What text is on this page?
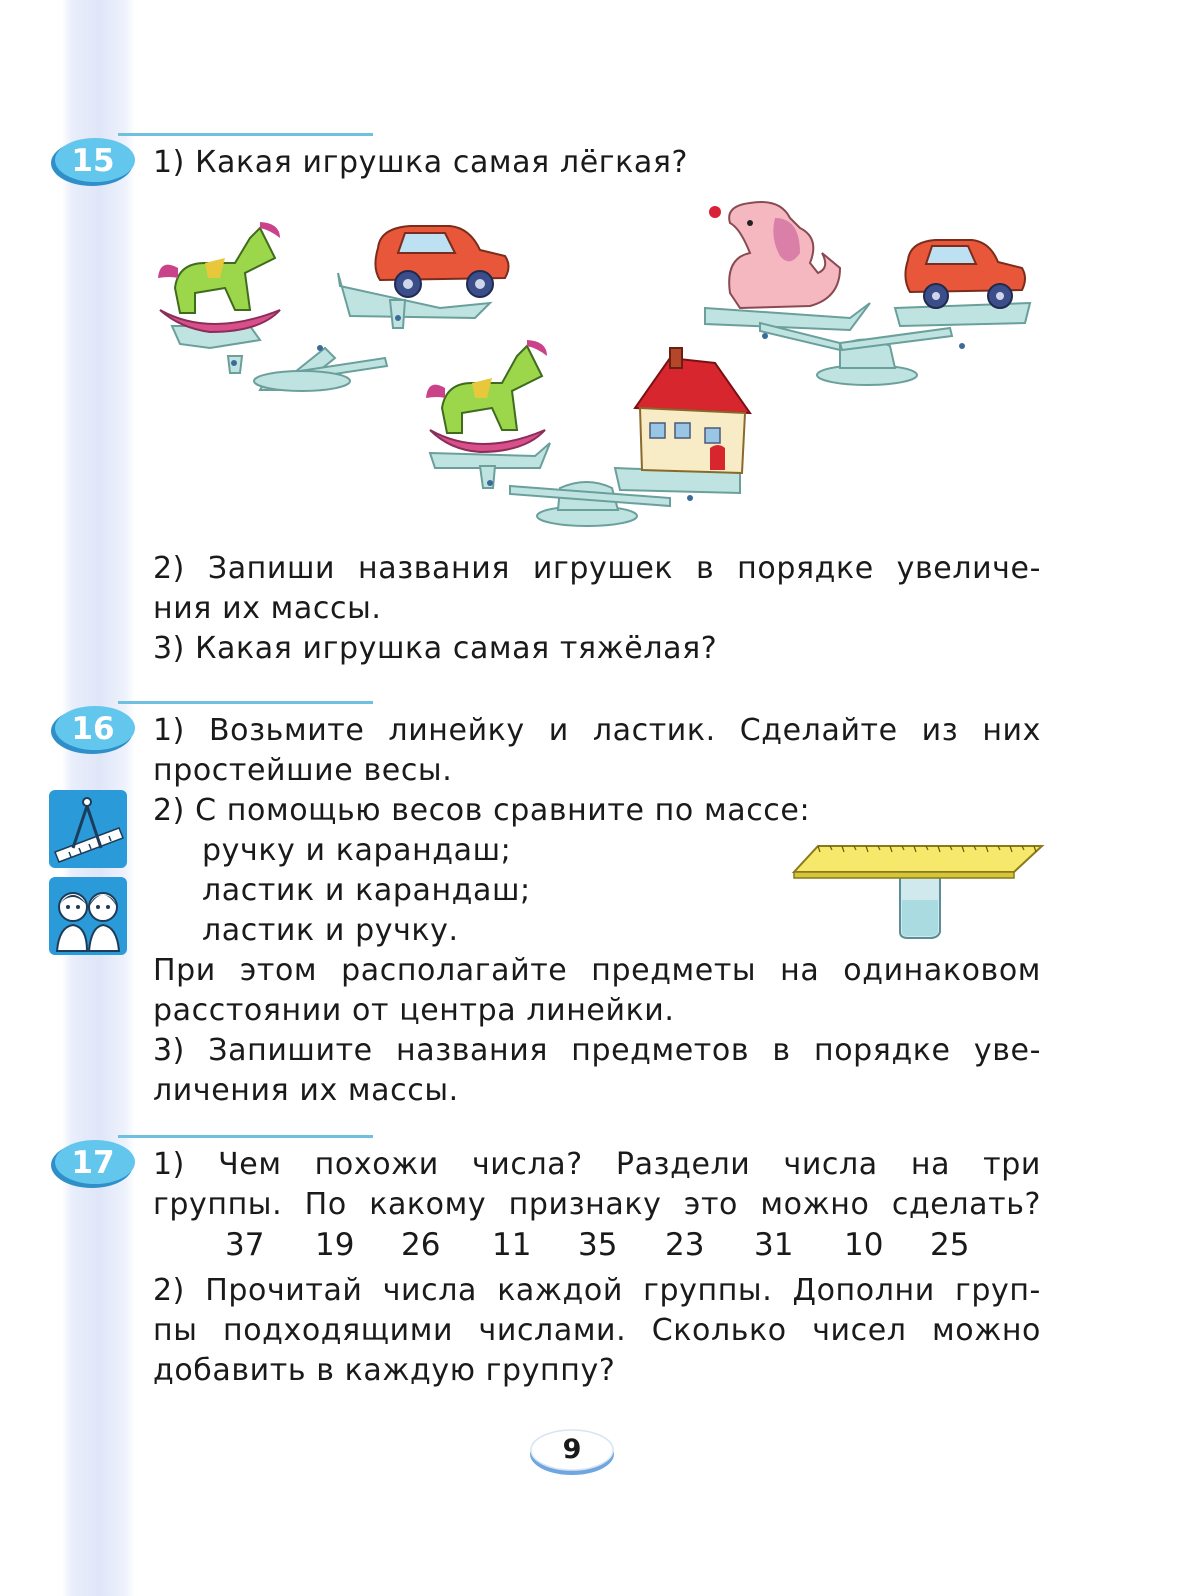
15	1) Какая игрушка самая лёгкая?
2) Запиши названия игрушек в порядке увеличе-
ния их массы.
3) Какая игрушка самая тяжёлая?
16	1) Возьмите линейку и ластик. Сделайте из них
простейшие весы.
2) С помощью весов сравните по массе:
ручку и карандаш;
ластик и карандаш;
ластик и ручку.
При этом располагайте предметы на одинаковом
расстоянии от центра линейки.
3) Запишите названия предметов в порядке уве-
личения их массы.
17	1) Чем похожи числа? Раздели числа на три
группы. По какому признаку это можно сделать?
37 19 26 11 35 23 31 10 25
2) Прочитай числа каждой группы. Дополни груп-
пы подходящими числами. Сколько чисел можно
добавить в каждую группу?
9
